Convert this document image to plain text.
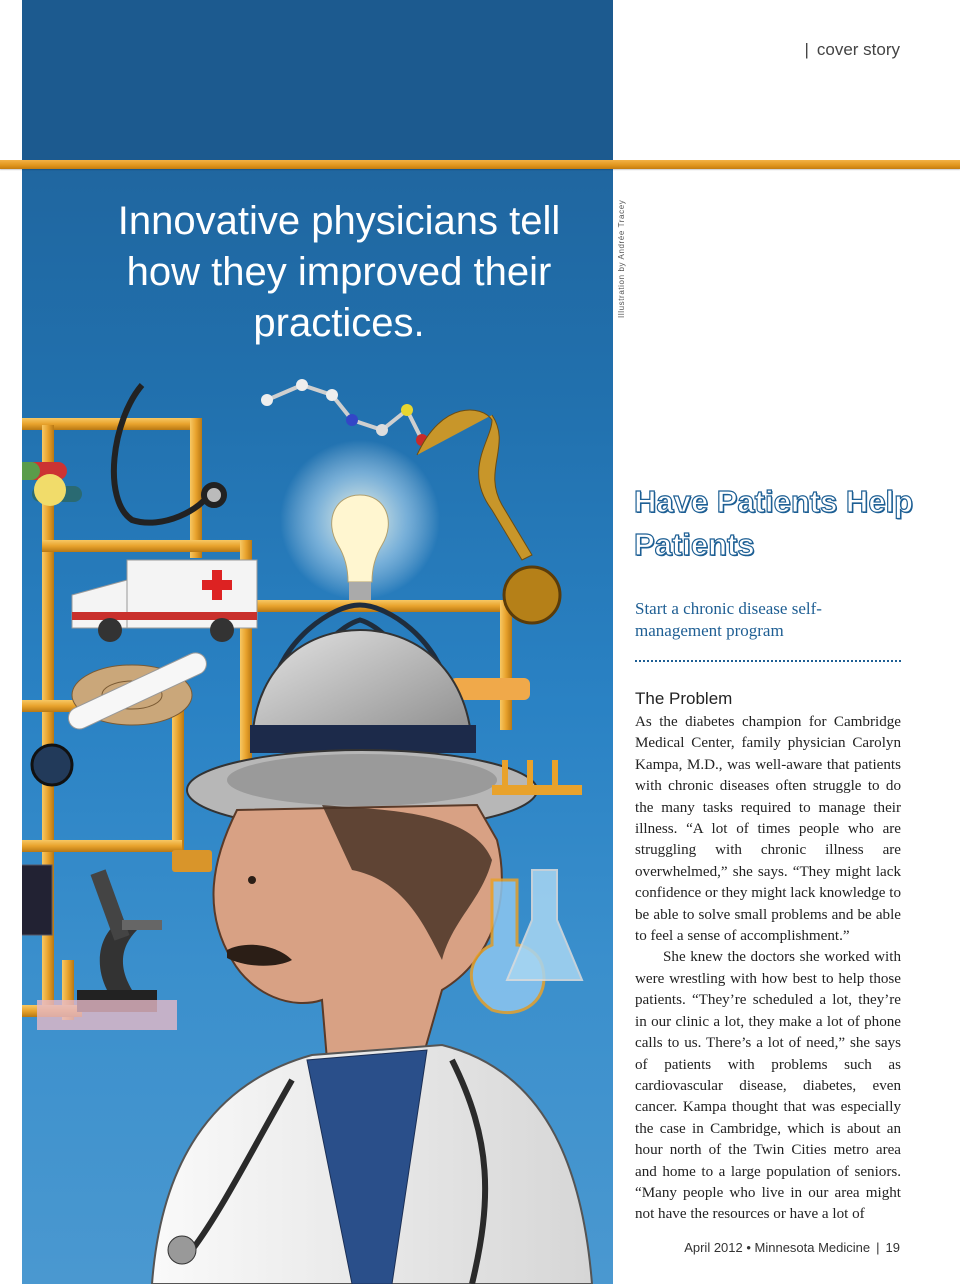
Innovative physicians tell how they improved their practices.
Illustration by Andrée Tracey
| cover story
Have Patients Help Patients
Start a chronic disease self-management program
The Problem

As the diabetes champion for Cambridge Medical Center, family physician Carolyn Kampa, M.D., was well-aware that patients with chronic diseases often struggle to do the many tasks required to manage their illness. “A lot of times people who are struggling with chronic illness are overwhelmed,” she says. “They might lack confidence or they might lack knowledge to be able to solve small problems and be able to feel a sense of accomplishment.”

She knew the doctors she worked with were wrestling with how best to help those patients. “They’re scheduled a lot, they’re in our clinic a lot, they make a lot of phone calls to us. There’s a lot of need,” she says of patients with problems such as cardiovascular disease, diabetes, even cancer. Kampa thought that was especially the case in Cambridge, which is about an hour north of the Twin Cities metro area and home to a large population of seniors. “Many people who live in our area might not have the resources or have a lot of

April 2012 • Minnesota Medicine | 19
